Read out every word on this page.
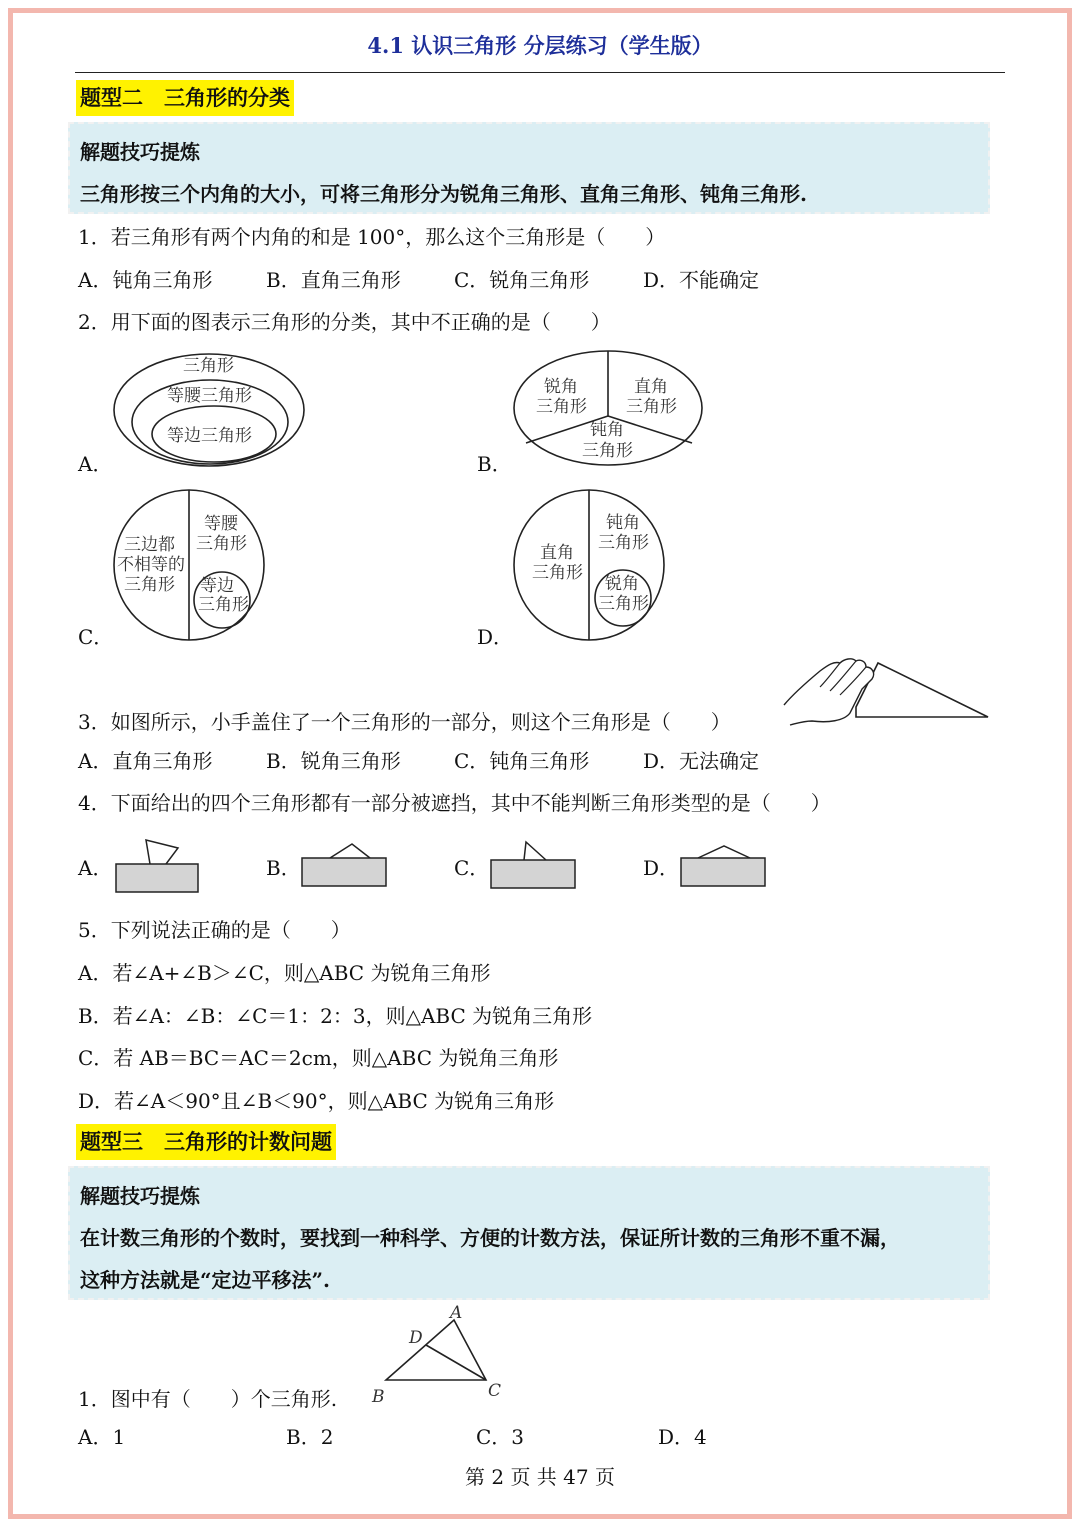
4.1 认识三角形 分层练习（学生版）
题型二　三角形的分类
解题技巧提炼
三角形按三个内角的大小，可将三角形分为锐角三角形、直角三角形、钝角三角形.
1．若三角形有两个内角的和是 100°，那么这个三角形是（　　）
A．钝角三角形	B．直角三角形	C．锐角三角形	D．不能确定
2．用下面的图表示三角形的分类，其中不正确的是（　　）
A．
三角形
等腰三角形
等边三角形
B．
锐角
三角形
直角
三角形
钝角
三角形
C．
三边都
不相等的
三角形
等腰
三角形
等边
三角形
D．
直角
三角形
钝角
三角形
锐角
三角形
3．如图所示，小手盖住了一个三角形的一部分，则这个三角形是（　　）
A．直角三角形	B．锐角三角形	C．钝角三角形	D．无法确定
4．下面给出的四个三角形都有一部分被遮挡，其中不能判断三角形类型的是（　　）
A．	B．	C．	D．
5．下列说法正确的是（　　）
A．若∠A+∠B＞∠C，则△ABC 为锐角三角形
B．若∠A：∠B：∠C＝1：2：3，则△ABC 为锐角三角形
C．若 AB＝BC＝AC＝2cm，则△ABC 为锐角三角形
D．若∠A＜90°且∠B＜90°，则△ABC 为锐角三角形
题型三　三角形的计数问题
解题技巧提炼
在计数三角形的个数时，要找到一种科学、方便的计数方法，保证所计数的三角形不重不漏，
这种方法就是“定边平移法”.
1．图中有（　　）个三角形.
A
D
B	C
A．1	B．2	C．3	D．4
第 2 页 共 47 页
